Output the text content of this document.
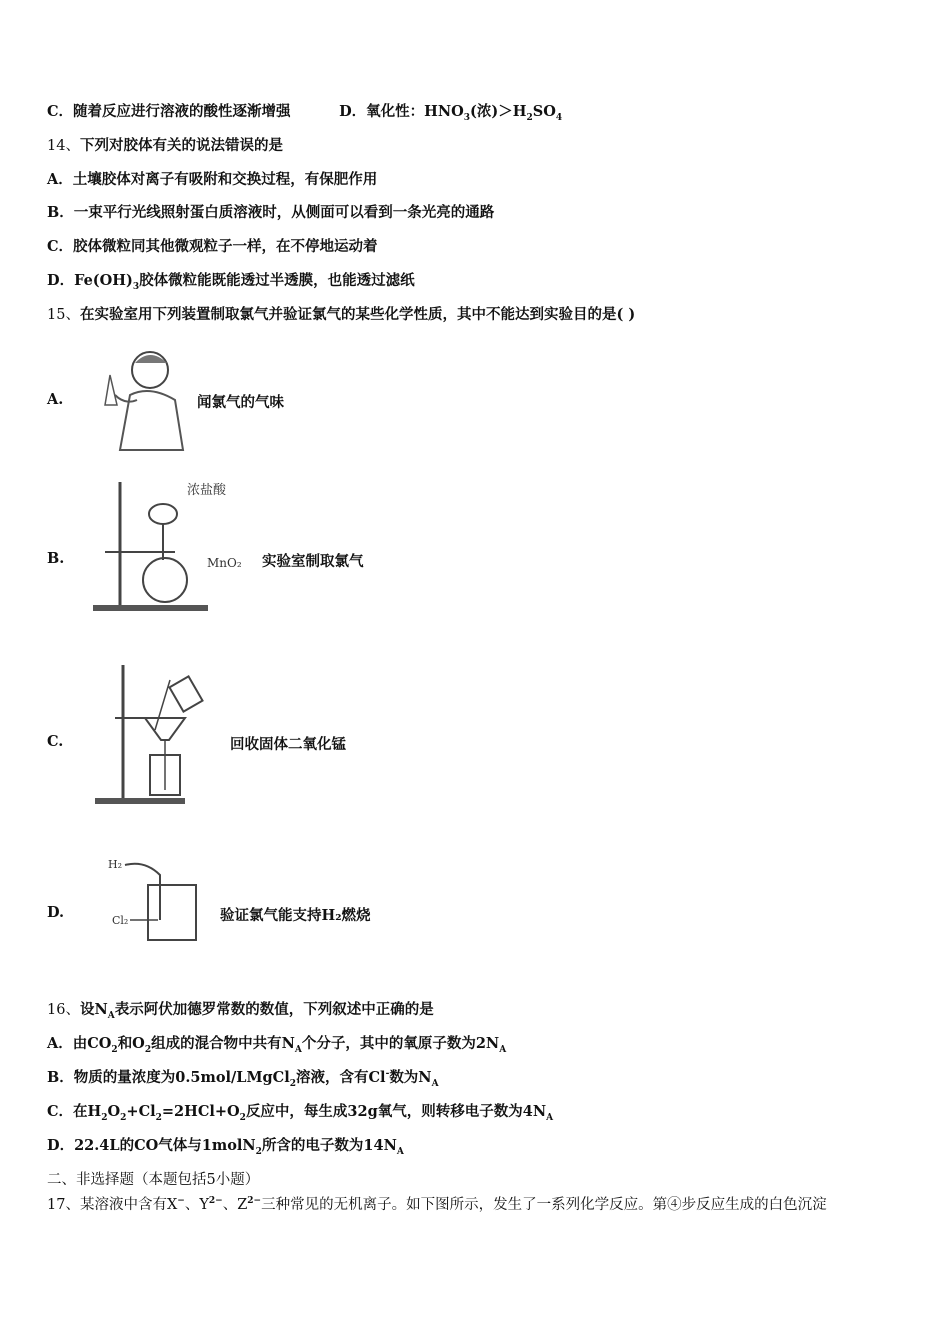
C．随着反应进行溶液的酸性逐渐增强　　　 D．氧化性：$HNO_3$(浓)$>H_2SO_4$
14、下列对胶体有关的说法错误的是
A．土壤胶体对离子有吸附和交换过程，有保肥作用
B．一束平行光线照射蛋白质溶液时，从侧面可以看到一条光亮的通路
C．胶体微粒同其他微观粒子一样，在不停地运动着
D．$Fe(OH)_3$胶体微粒能既能透过半透膜，也能透过滤纸
15、在实验室用下列装置制取氯气并验证氯气的某些化学性质，其中不能达到实验目的是( )
16、设$N_A$表示阿伏加德罗常数的数值，下列叙述中正确的是
A．由$CO_2$和$O_2$组成的混合物中共有$N_A$个分子，其中的氧原子数为$2N_A$
B．物质的量浓度为0.5mol/LMgCl$_2$溶液，含有Cl-数为$N_A$
C．在$H_2O_2+Cl_2=2HCl+O_2$反应中，每生成32g氧气，则转移电子数为$4N_A$
D．22.4L的CO气体与1molN$_2$所含的电子数为$14N_A$
二、非选择题（本题包括5小题）
17、某溶液中含有X−、$Y^{2-}$、$Z^{2-}$三种常见的无机离子。如下图所示，发生了一系列化学反应。第④步反应生成的白色沉淀
A.	闻氯气的气味
B.
浓盐酸
MnO₂ 实验室制取氯气
C.	回收固体二氧化锰
D.
H₂
Cl₂	验证氯气能支持H₂燃烧
